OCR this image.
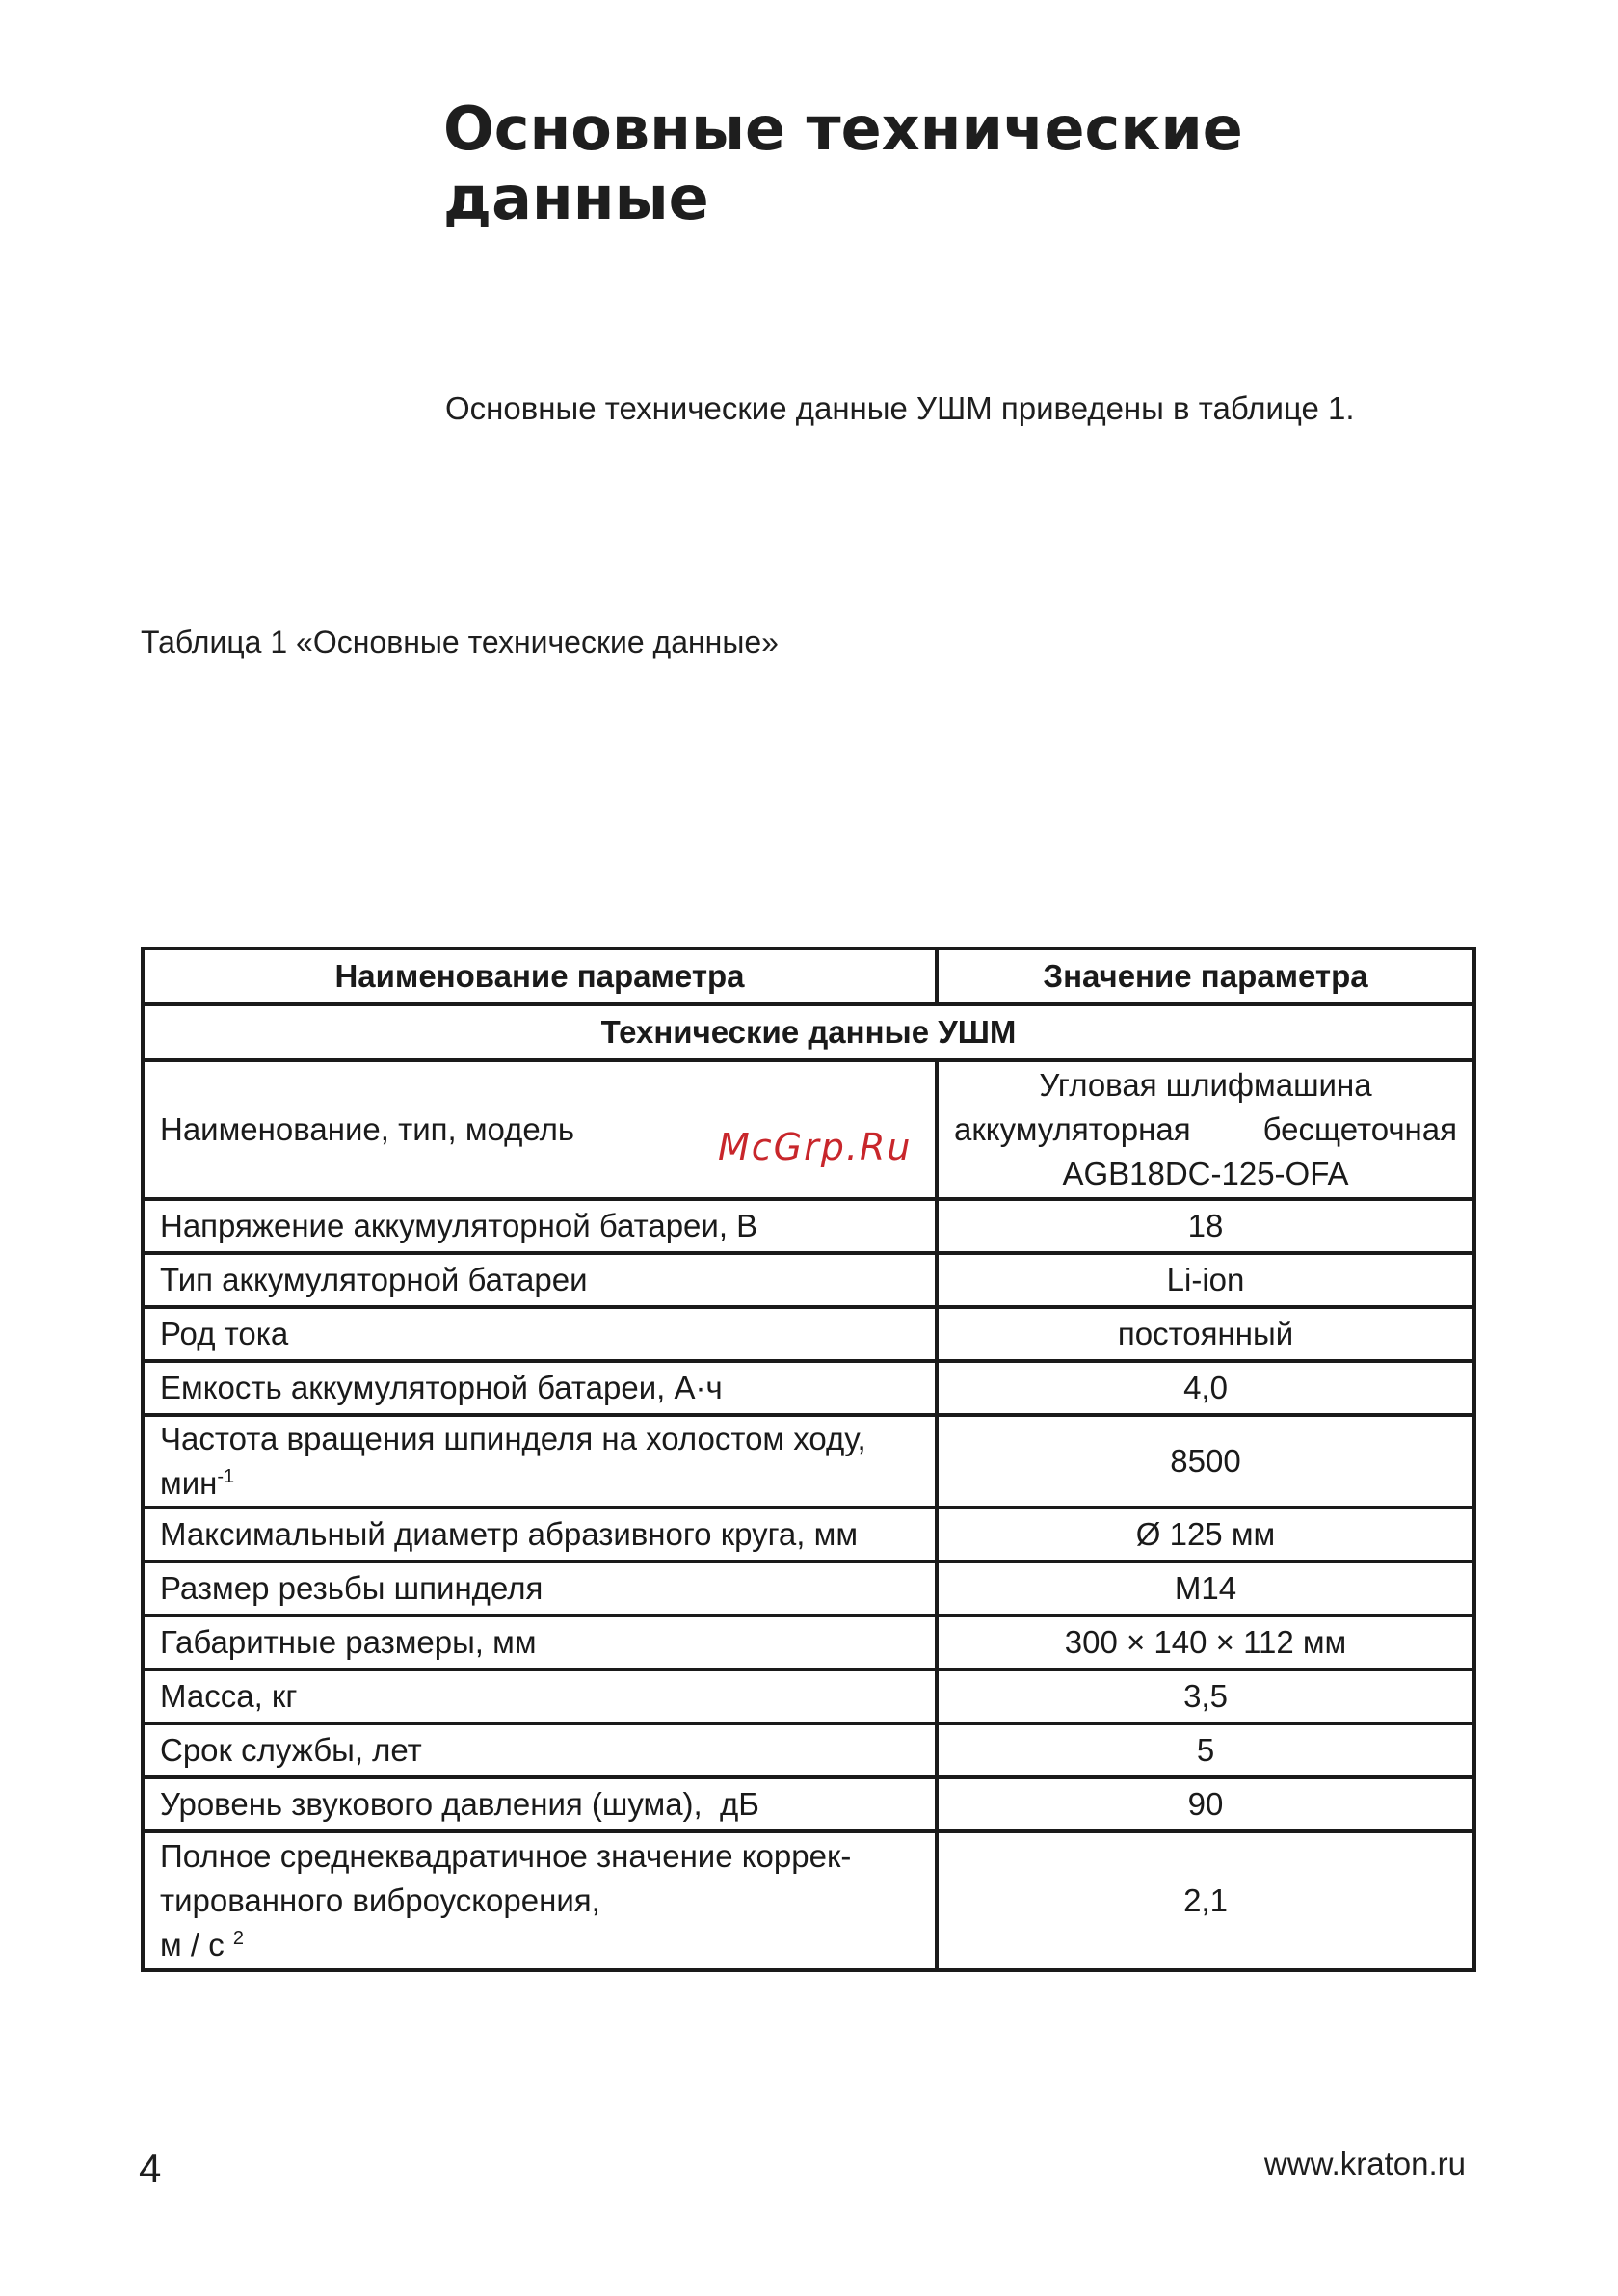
Основные технические
данные
Основные технические данные УШМ приведены в таблице 1.
Таблица 1 «Основные технические данные»
Наименование параметра	Значение параметра
Технические данные УШМ	
Наименование, тип, модель	Угловая шлифмашина
аккумуляторная бесщеточная
AGB18DC-125-OFA

Напряжение аккумуляторной батареи, В	18
Тип аккумуляторной батареи	Li-ion
Род тока	постоянный
Емкость аккумуляторной батареи, А·ч	4,0

Частота вращения шпинделя на холостом ходу,
мин$^{-1}$	8500
Максимальный диаметр абразивного круга, мм	Ø 125 мм
Размер резьбы шпинделя	M14
Габаритные размеры, мм	300 × 140 × 112 мм
Масса, кг	3,5
Срок службы, лет	5
Уровень звукового давления (шума),  дБ	90

Полное среднеквадратичное значение коррек-
тированного виброускорения,
м / с $^2$	2,1
McGrp.Ru
4	www.kraton.ru
